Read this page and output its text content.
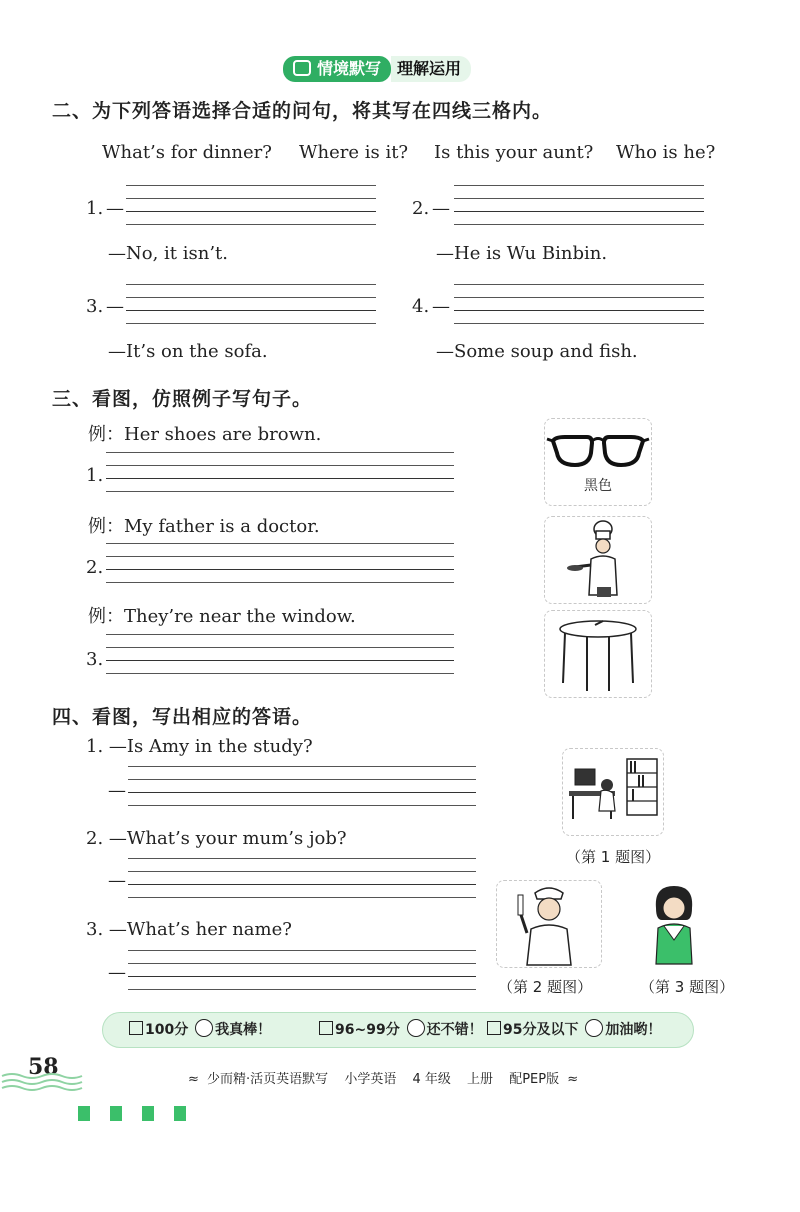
情境默写	理解运用
二、为下列答语选择合适的问句，将其写在四线三格内。
What’s for dinner? Where is it? Is this your aunt? Who is he?
1. —
—No, it isn’t.
2. —
—He is Wu Binbin.
3. —
—It’s on the sofa.
4. —
—Some soup and fish.
三、看图，仿照例子写句子。
例：Her shoes are brown.
1.
例：My father is a doctor.
2.
例：They’re near the window.
3.
黑色
四、看图，写出相应的答语。
1. —Is Amy in the study?
—
2. —What’s your mum’s job?
—
3. —What’s her name?
—
（第 1 题图）
（第 2 题图）	（第 3 题图）
100分 我真棒！	96~99分 还不错！	95分及以下 加油哟！
58	≈ 少而精·活页英语默写 小学英语 4 年级 上册 配PEP版 ≈
